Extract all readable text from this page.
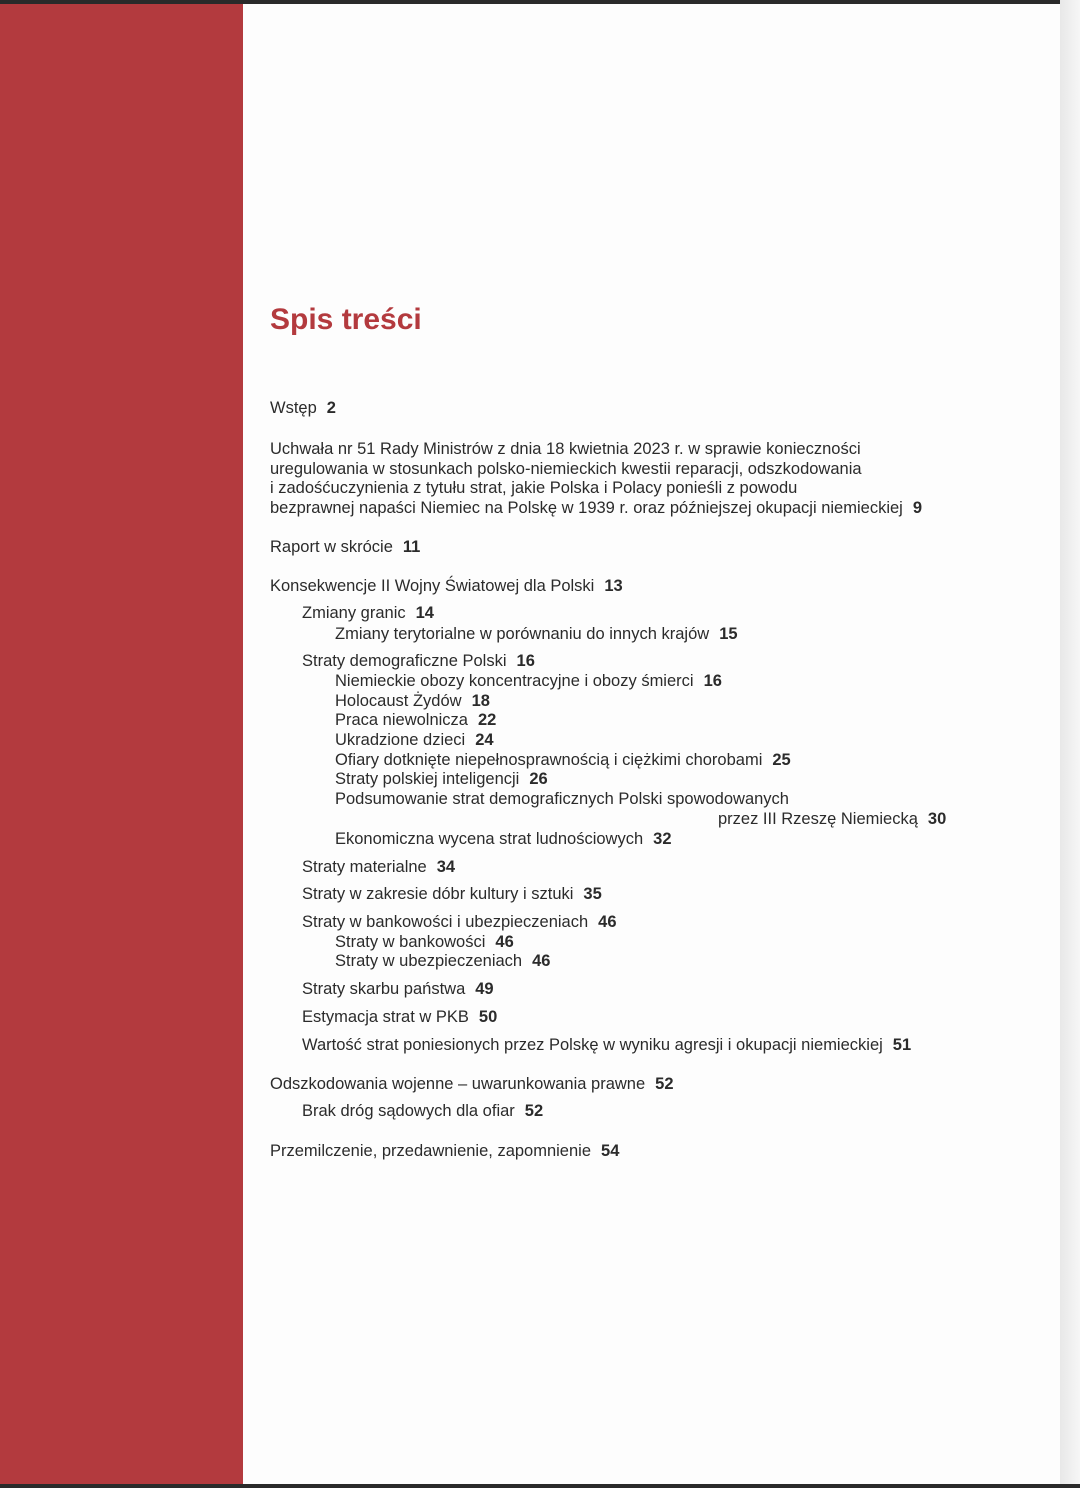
Spis treści
Wstęp 2
Uchwała nr 51 Rady Ministrów z dnia 18 kwietnia 2023 r. w sprawie konieczności
uregulowania w stosunkach polsko-niemieckich kwestii reparacji, odszkodowania
i zadośćuczynienia z tytułu strat, jakie Polska i Polacy ponieśli z powodu
bezprawnej napaści Niemiec na Polskę w 1939 r. oraz późniejszej okupacji niemieckiej 9
Raport w skrócie 11
Konsekwencje II Wojny Światowej dla Polski 13
Zmiany granic 14
Zmiany terytorialne w porównaniu do innych krajów 15
Straty demograficzne Polski 16
Niemieckie obozy koncentracyjne i obozy śmierci 16
Holocaust Żydów 18
Praca niewolnicza 22
Ukradzione dzieci 24
Ofiary dotknięte niepełnosprawnością i ciężkimi chorobami 25
Straty polskiej inteligencji 26
Podsumowanie strat demograficznych Polski spowodowanych
przez III Rzeszę Niemiecką 30
Ekonomiczna wycena strat ludnościowych 32
Straty materialne 34
Straty w zakresie dóbr kultury i sztuki 35
Straty w bankowości i ubezpieczeniach 46
Straty w bankowości 46
Straty w ubezpieczeniach 46
Straty skarbu państwa 49
Estymacja strat w PKB 50
Wartość strat poniesionych przez Polskę w wyniku agresji i okupacji niemieckiej 51
Odszkodowania wojenne – uwarunkowania prawne 52
Brak dróg sądowych dla ofiar 52
Przemilczenie, przedawnienie, zapomnienie 54
